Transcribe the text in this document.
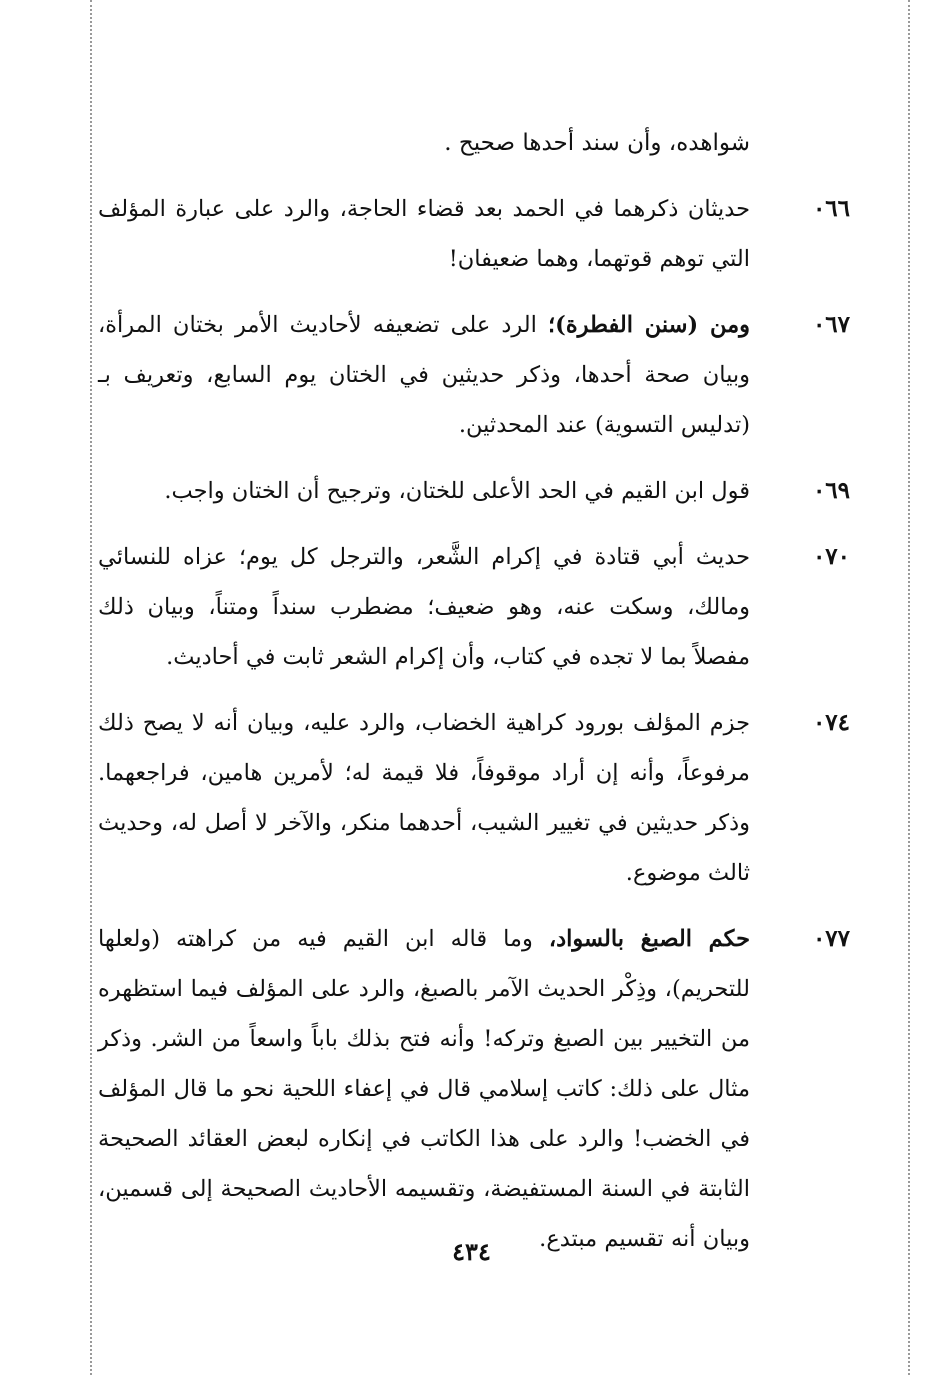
شواهده، وأن سند أحدها صحيح .
٠٦٦
حديثان ذكرهما في الحمد بعد قضاء الحاجة، والرد على عبارة المؤلف التي توهم قوتهما، وهما ضعيفان!
٠٦٧
ومن (سنن الفطرة)؛ الرد على تضعيفه لأحاديث الأمر بختان المرأة، وبيان صحة أحدها، وذكر حديثين في الختان يوم السابع، وتعريف بـ (تدليس التسوية) عند المحدثين.
٠٦٩
قول ابن القيم في الحد الأعلى للختان، وترجيح أن الختان واجب.
٠٧٠
حديث أبي قتادة في إكرام الشَّعر، والترجل كل يوم؛ عزاه للنسائي ومالك، وسكت عنه، وهو ضعيف؛ مضطرب سنداً ومتناً، وبيان ذلك مفصلاً بما لا تجده في كتاب، وأن إكرام الشعر ثابت في أحاديث.
٠٧٤
جزم المؤلف بورود كراهية الخضاب، والرد عليه، وبيان أنه لا يصح ذلك مرفوعاً، وأنه إن أراد موقوفاً، فلا قيمة له؛ لأمرين هامين، فراجعهما. وذكر حديثين في تغيير الشيب، أحدهما منكر، والآخر لا أصل له، وحديث ثالث موضوع.
٠٧٧
حكم الصبغ بالسواد، وما قاله ابن القيم فيه من كراهته (ولعلها للتحريم)، وذِكْر الحديث الآمر بالصبغ، والرد على المؤلف فيما استظهره من التخيير بين الصبغ وتركه! وأنه فتح بذلك باباً واسعاً من الشر. وذكر مثال على ذلك: كاتب إسلامي قال في إعفاء اللحية نحو ما قال المؤلف في الخضب! والرد على هذا الكاتب في إنكاره لبعض العقائد الصحيحة الثابتة في السنة المستفيضة، وتقسيمه الأحاديث الصحيحة إلى قسمين، وبيان أنه تقسيم مبتدع.
٤٣٤
